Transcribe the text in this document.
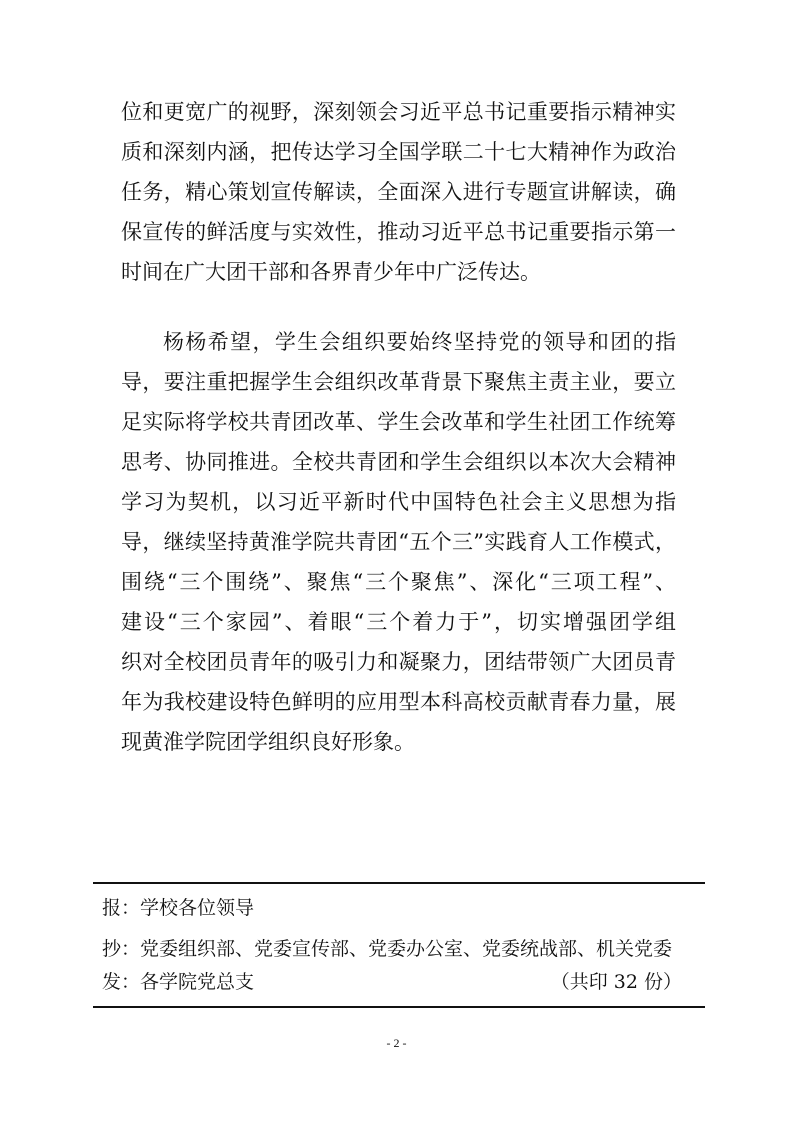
位和更宽广的视野，深刻领会习近平总书记重要指示精神实
质和深刻内涵，把传达学习全国学联二十七大精神作为政治
任务，精心策划宣传解读，全面深入进行专题宣讲解读，确
保宣传的鲜活度与实效性，推动习近平总书记重要指示第一
时间在广大团干部和各界青少年中广泛传达。
杨杨希望，学生会组织要始终坚持党的领导和团的指
导，要注重把握学生会组织改革背景下聚焦主责主业，要立
足实际将学校共青团改革、学生会改革和学生社团工作统筹
思考、协同推进。全校共青团和学生会组织以本次大会精神
学习为契机，以习近平新时代中国特色社会主义思想为指
导，继续坚持黄淮学院共青团“五个三”实践育人工作模式，
围绕“三个围绕”、聚焦“三个聚焦”、深化“三项工程”、
建设“三个家园”、着眼“三个着力于”，切实增强团学组
织对全校团员青年的吸引力和凝聚力，团结带领广大团员青
年为我校建设特色鲜明的应用型本科高校贡献青春力量，展
现黄淮学院团学组织良好形象。
报：学校各位领导
抄：党委组织部、党委宣传部、党委办公室、党委统战部、机关党委
发：各学院党总支	（共印 32 份）
- 2 -
